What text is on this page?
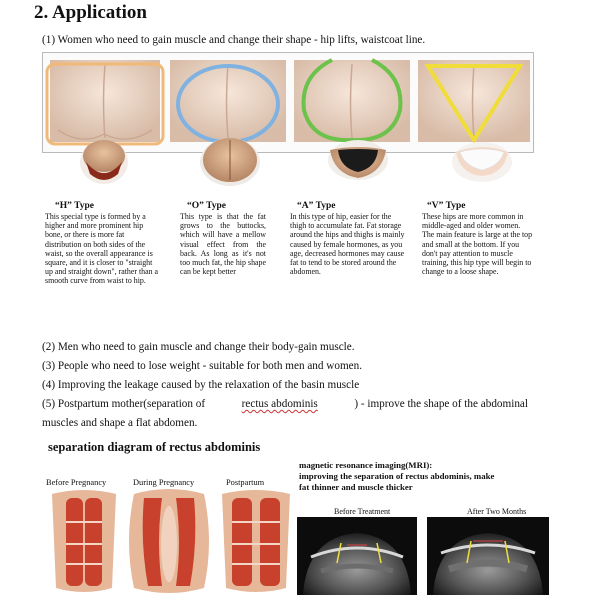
2. Application
(1) Women who need to gain muscle and change their shape - hip lifts, waistcoat line.
“H” Type
This special type is formed by a higher and more prominent hip bone, or there is more fat distribution on both sides of the waist, so the overall appearance is square, and it is closer to "straight up and straight down", rather than a smooth curve from waist to hip.
“O” Type
This type is that the fat grows to the buttocks, which will have a mellow visual effect from the back. As long as it's not too much fat, the hip shape can be kept better
“A” Type
In this type of hip, easier for the thigh to accumulate fat. Fat storage around the hips and thighs is mainly caused by female hormones, as you age, decreased hormones may cause fat to tend to be stored around the abdomen.
“V” Type
These hips are more common in middle-aged and older women. The main feature is large at the top and small at the bottom. If you don't pay attention to muscle training, this hip type will begin to change to a loose shape.
(2) Men who need to gain muscle and change their body-gain muscle.
(3) People who need to lose weight - suitable for both men and women.
(4) Improving the leakage caused by the relaxation of the basin muscle
(5) Postpartum mother(separation of	rectus abdominis	) - improve the shape of the abdominal
muscles and shape a flat abdomen.
separation diagram of rectus abdominis
Before Pregnancy	During Pregnancy	Postpartum
magnetic resonance imaging(MRI):
improving the separation of rectus abdominis, make
fat thinner and muscle thicker
Before Treatment	After Two Months
